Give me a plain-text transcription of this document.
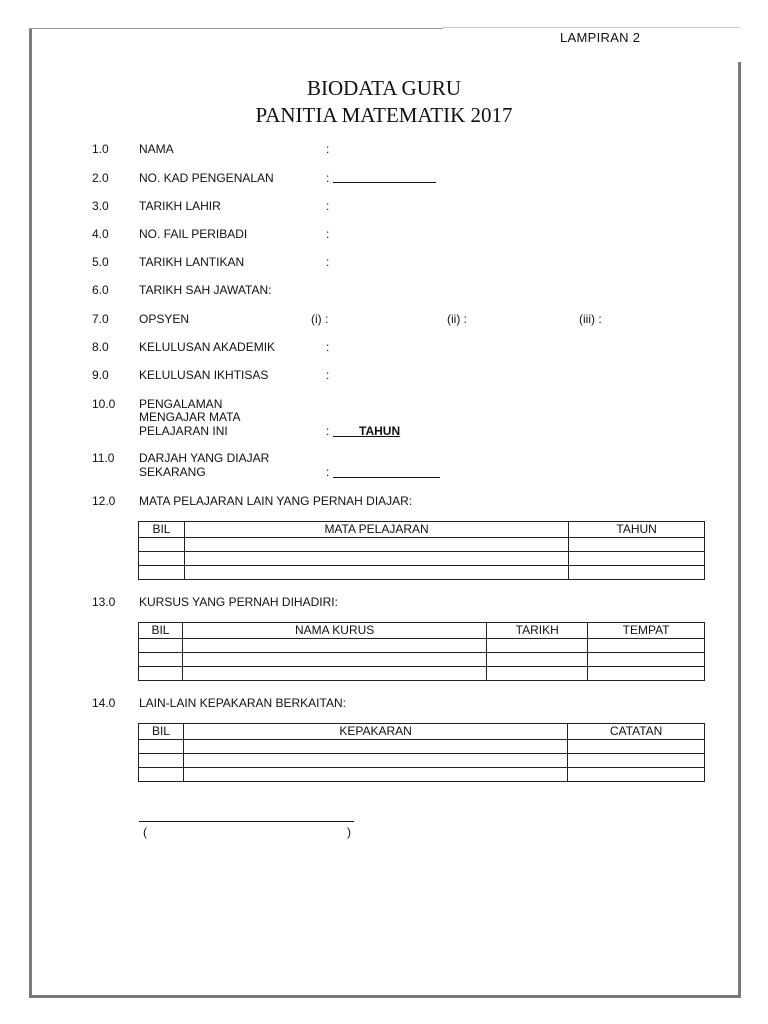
LAMPIRAN 2
BIODATA GURU
PANITIA MATEMATIK 2017
1.0	NAMA	:
2.0	NO. KAD PENGENALAN	:
3.0	TARIKH LAHIR	:
4.0	NO. FAIL PERIBADI	:
5.0	TARIKH LANTIKAN	:
6.0	TARIKH SAH JAWATAN:
7.0	OPSYEN	(i) :	(ii) :	(iii) :
8.0	KELULUSAN AKADEMIK	:
9.0	KELULUSAN IKHTISAS	:
10.0 PENGALAMAN
MENGAJAR MATA
PELAJARAN INI	: TAHUN
11.0 DARJAH YANG DIAJAR
SEKARANG	:
12.0 MATA PELAJARAN LAIN YANG PERNAH DIAJAR:
BIL	MATA PELAJARAN	TAHUN

13.0 KURSUS YANG PERNAH DIHADIRI:
BIL	NAMA KURUS	TARIKH	TEMPAT

14.0 LAIN-LAIN KEPAKARAN BERKAITAN:
BIL	KEPAKARAN	CATATAN

(	)
